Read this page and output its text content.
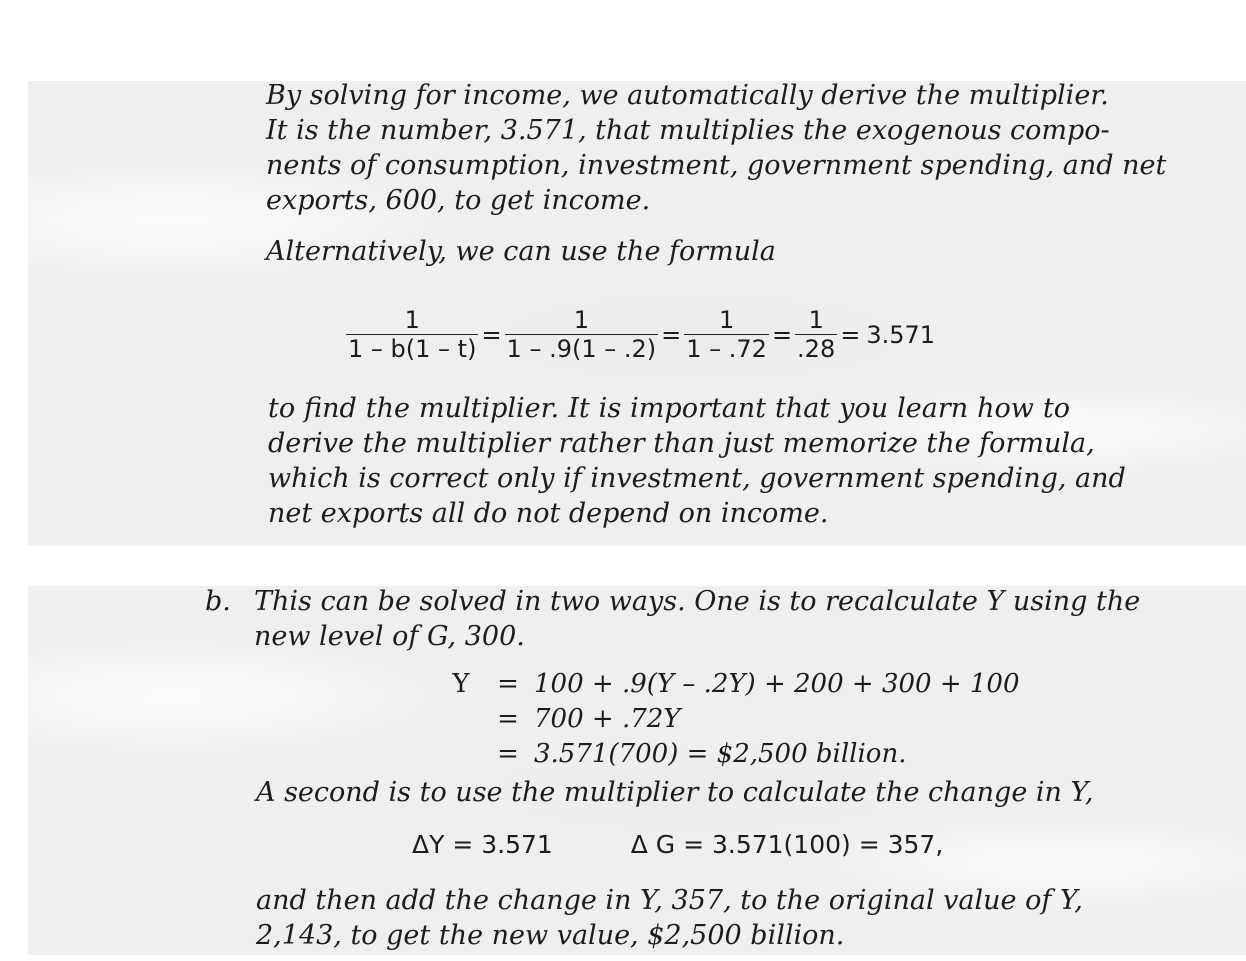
By solving for income, we automatically derive the multiplier.
It is the number, 3.571, that multiplies the exogenous compo-
nents of consumption, investment, government spending, and net
exports, 600, to get income.
Alternatively, we can use the formula
$\frac{1}{1 - b(1 - t)} = \frac{1}{1 - .9(1 - .2)} = \frac{1}{1 - .72} = \frac{1}{.28} = 3.571$
to find the multiplier. It is important that you learn how to
derive the multiplier rather than just memorize the formula,
which is correct only if investment, government spending, and
net exports all do not depend on income.
b. This can be solved in two ways. One is to recalculate Y using the
new level of G, 300.
Y = 100 + .9(Y – .2Y) + 200 + 300 + 100
= 700 + .72Y
= 3.571(700) = $2,500 billion.
A second is to use the multiplier to calculate the change in Y,
ΔY = 3.571	Δ G = 3.571(100) = 357,
and then add the change in Y, 357, to the original value of Y,
2,143, to get the new value, $2,500 billion.
